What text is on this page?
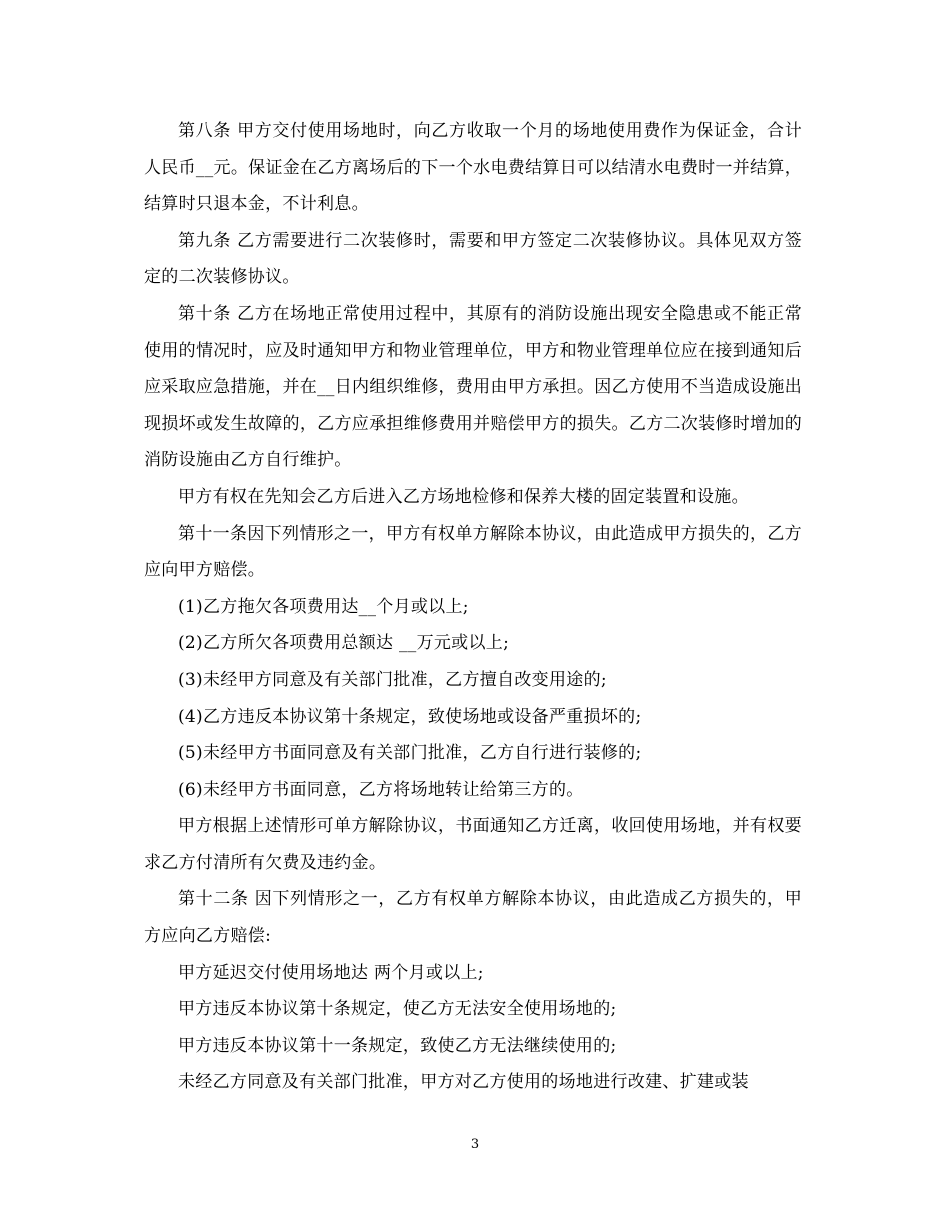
第八条 甲方交付使用场地时，向乙方收取一个月的场地使用费作为保证金，合计人民币__元。保证金在乙方离场后的下一个水电费结算日可以结清水电费时一并结算，结算时只退本金，不计利息。

第九条 乙方需要进行二次装修时，需要和甲方签定二次装修协议。具体见双方签定的二次装修协议。

第十条 乙方在场地正常使用过程中，其原有的消防设施出现安全隐患或不能正常使用的情况时，应及时通知甲方和物业管理单位，甲方和物业管理单位应在接到通知后应采取应急措施，并在__日内组织维修，费用由甲方承担。因乙方使用不当造成设施出现损坏或发生故障的，乙方应承担维修费用并赔偿甲方的损失。乙方二次装修时增加的消防设施由乙方自行维护。

甲方有权在先知会乙方后进入乙方场地检修和保养大楼的固定装置和设施。

第十一条因下列情形之一，甲方有权单方解除本协议，由此造成甲方损失的，乙方应向甲方赔偿。

(1)乙方拖欠各项费用达__个月或以上;

(2)乙方所欠各项费用总额达 __万元或以上;

(3)未经甲方同意及有关部门批准，乙方擅自改变用途的;

(4)乙方违反本协议第十条规定，致使场地或设备严重损坏的;

(5)未经甲方书面同意及有关部门批准，乙方自行进行装修的;

(6)未经甲方书面同意，乙方将场地转让给第三方的。

甲方根据上述情形可单方解除协议，书面通知乙方迁离，收回使用场地，并有权要求乙方付清所有欠费及违约金。

第十二条 因下列情形之一，乙方有权单方解除本协议，由此造成乙方损失的，甲方应向乙方赔偿:

甲方延迟交付使用场地达 两个月或以上;

甲方违反本协议第十条规定，使乙方无法安全使用场地的;

甲方违反本协议第十一条规定，致使乙方无法继续使用的;

未经乙方同意及有关部门批准，甲方对乙方使用的场地进行改建、扩建或装

3
